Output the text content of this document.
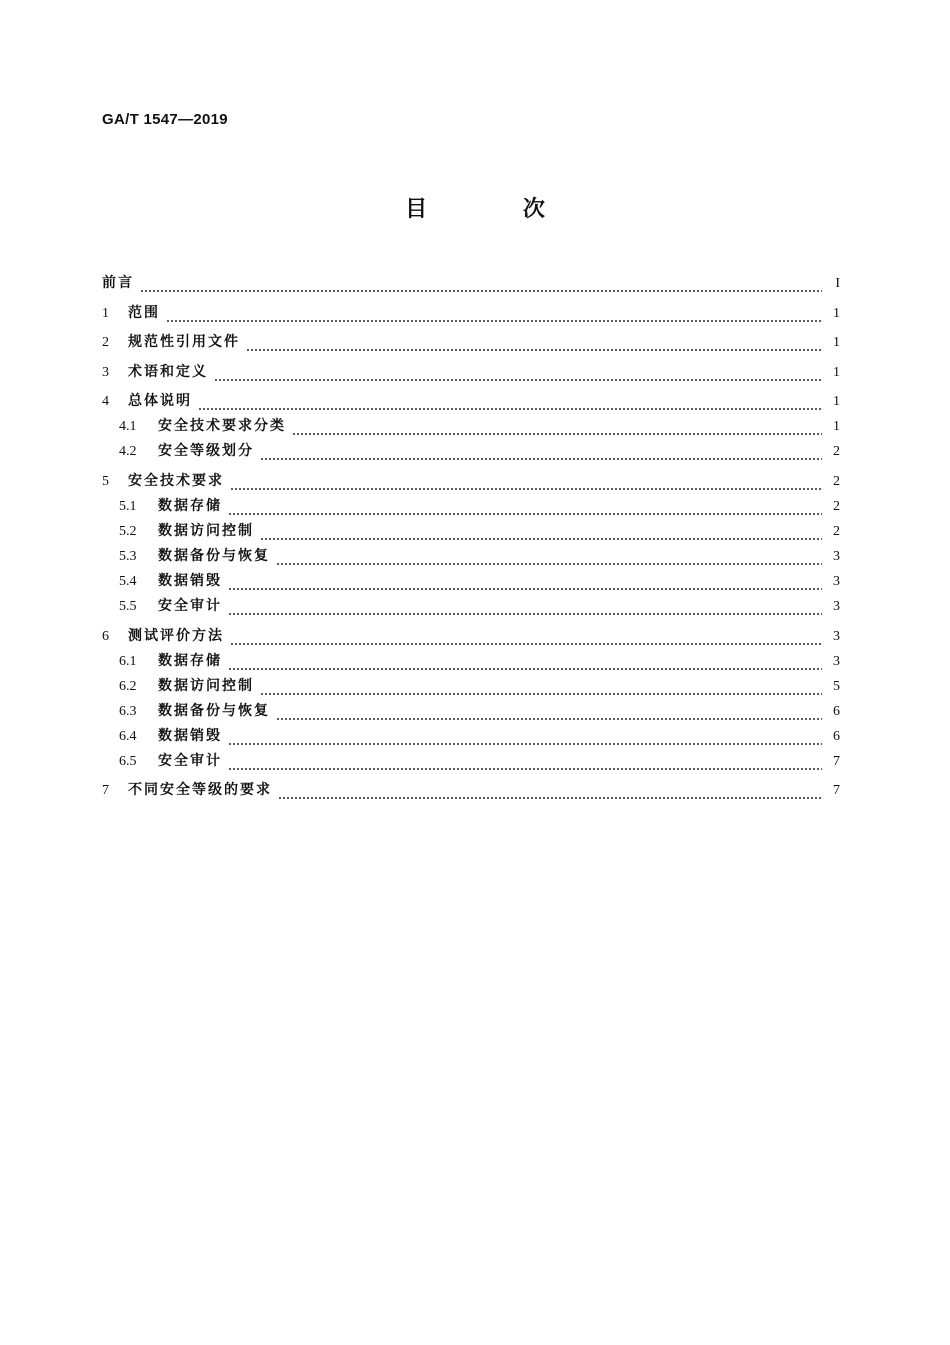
GA/T 1547—2019
目 次
前言	I
1	范围	1
2	规范性引用文件	1
3	术语和定义	1
4	总体说明	1
4.1	安全技术要求分类	1
4.2	安全等级划分	2
5	安全技术要求	2
5.1	数据存储	2
5.2	数据访问控制	2
5.3	数据备份与恢复	3
5.4	数据销毁	3
5.5	安全审计	3
6	测试评价方法	3
6.1	数据存储	3
6.2	数据访问控制	5
6.3	数据备份与恢复	6
6.4	数据销毁	6
6.5	安全审计	7
7	不同安全等级的要求	7
